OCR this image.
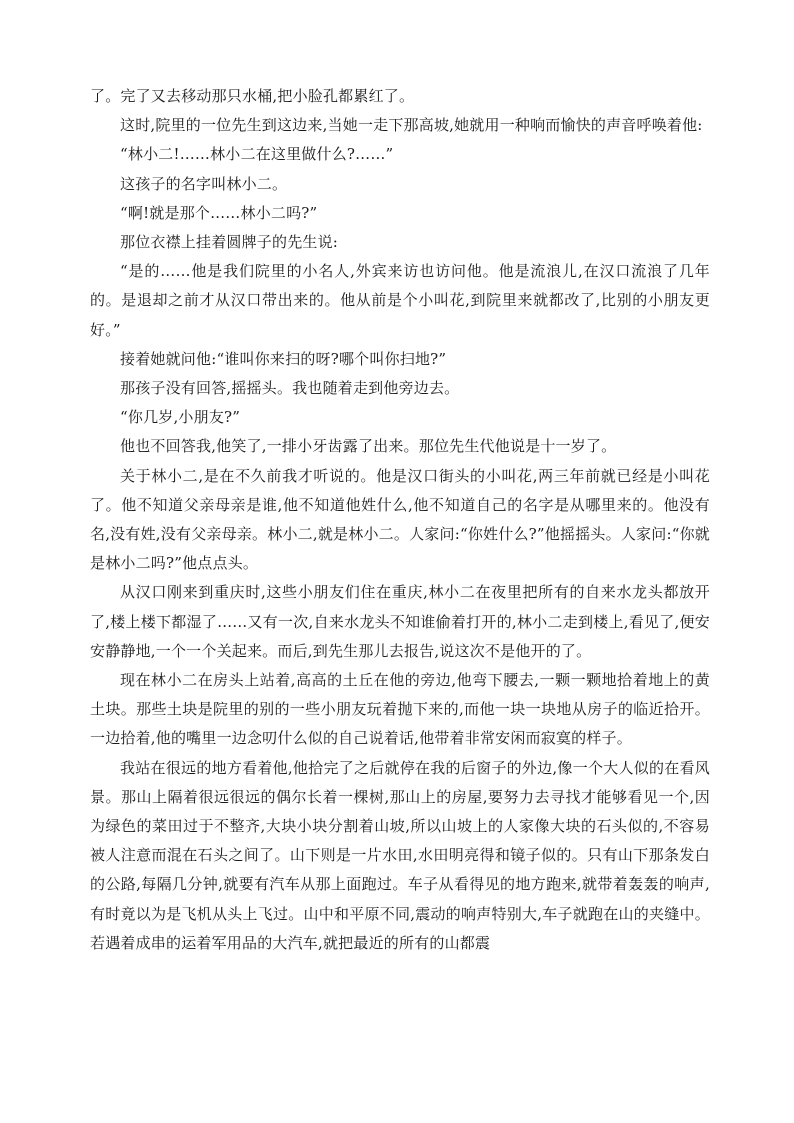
了。完了又去移动那只水桶,把小脸孔都累红了。

这时,院里的一位先生到这边来,当她一走下那高坡,她就用一种响而愉快的声音呼唤着他:

“林小二!……林小二在这里做什么?……”

这孩子的名字叫林小二。

“啊!就是那个……林小二吗?”

那位衣襟上挂着圆牌子的先生说:

“是的……他是我们院里的小名人,外宾来访也访问他。他是流浪儿,在汉口流浪了几年的。是退却之前才从汉口带出来的。他从前是个小叫花,到院里来就都改了,比别的小朋友更好。”

接着她就问他:“谁叫你来扫的呀?哪个叫你扫地?”

那孩子没有回答,摇摇头。我也随着走到他旁边去。

“你几岁,小朋友?”

他也不回答我,他笑了,一排小牙齿露了出来。那位先生代他说是十一岁了。

关于林小二,是在不久前我才听说的。他是汉口街头的小叫花,两三年前就已经是小叫花了。他不知道父亲母亲是谁,他不知道他姓什么,他不知道自己的名字是从哪里来的。他没有名,没有姓,没有父亲母亲。林小二,就是林小二。人家问:“你姓什么?”他摇摇头。人家问:“你就是林小二吗?”他点点头。

从汉口刚来到重庆时,这些小朋友们住在重庆,林小二在夜里把所有的自来水龙头都放开了,楼上楼下都湿了……又有一次,自来水龙头不知谁偷着打开的,林小二走到楼上,看见了,便安安静静地,一个一个关起来。而后,到先生那儿去报告,说这次不是他开的了。

现在林小二在房头上站着,高高的土丘在他的旁边,他弯下腰去,一颗一颗地拾着地上的黄土块。那些土块是院里的别的一些小朋友玩着抛下来的,而他一块一块地从房子的临近拾开。一边拾着,他的嘴里一边念叨什么似的自己说着话,他带着非常安闲而寂寞的样子。

我站在很远的地方看着他,他拾完了之后就停在我的后窗子的外边,像一个大人似的在看风景。那山上隔着很远很远的偶尔长着一棵树,那山上的房屋,要努力去寻找才能够看见一个,因为绿色的菜田过于不整齐,大块小块分割着山坡,所以山坡上的人家像大块的石头似的,不容易被人注意而混在石头之间了。山下则是一片水田,水田明亮得和镜子似的。只有山下那条发白的公路,每隔几分钟,就要有汽车从那上面跑过。车子从看得见的地方跑来,就带着轰轰的响声,有时竟以为是飞机从头上飞过。山中和平原不同,震动的响声特别大,车子就跑在山的夹缝中。若遇着成串的运着军用品的大汽车,就把最近的所有的山都震
